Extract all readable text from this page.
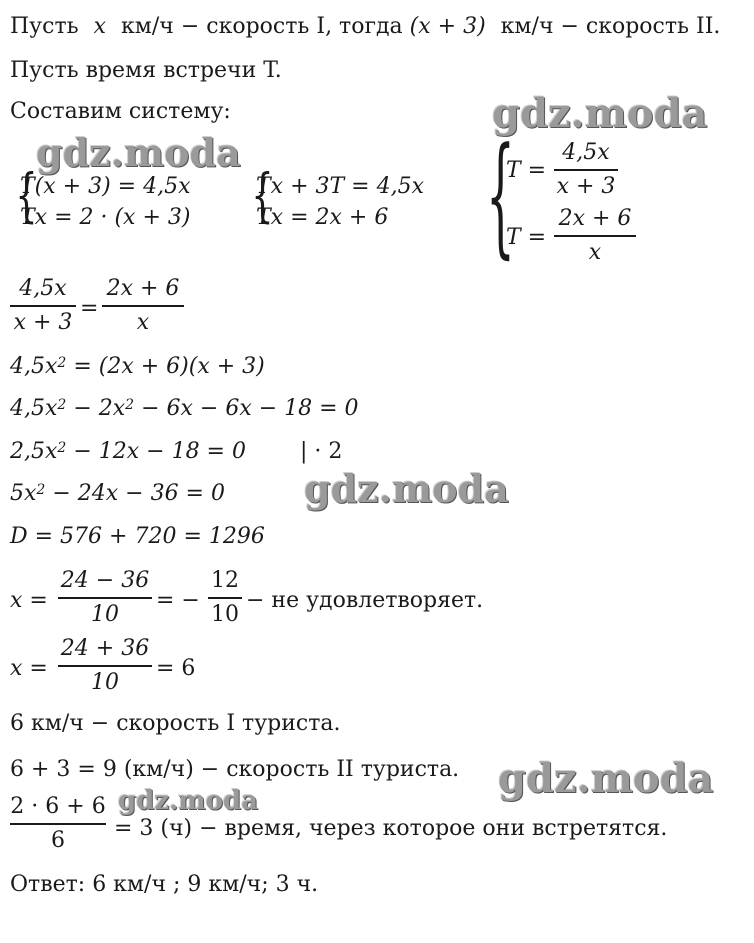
Пусть x км/ч − скорость I, тогда (x + 3) км/ч − скорость II.
Пусть время встречи T.
Составим систему:	gdz.moda
gdz.moda
gdz.moda
gdz.moda
gdz.moda
{
T(x + 3) = 4,5x
Tx = 2 · (x + 3) {
Tx + 3T = 4,5x
Tx = 2x + 6 {
T =
4,5x
x + 3
T =
2x + 6
x
4,5x
x + 3
=
2x + 6
x
$4,5x^2 = (2x + 6)(x + 3)$
$4,5x^2 - 2x^2 - 6x - 6x - 18 = 0$
$2,5x^2 - 12x - 18 = 0$ | · 2
$5x^2 - 24x - 36 = 0$
D = 576 + 720 = 1296
x =
24 − 36
10
= −
12
10
− не удовлетворяет.
x =
24 + 36
10
= 6
6 км/ч − скорость I туриста.
6 + 3 = 9 (км/ч) − скорость II туриста.
2 · 6 + 6
6	= 3 (ч) − время, через которое они встретятся.
Ответ: 6 км/ч ; 9 км/ч; 3 ч.
